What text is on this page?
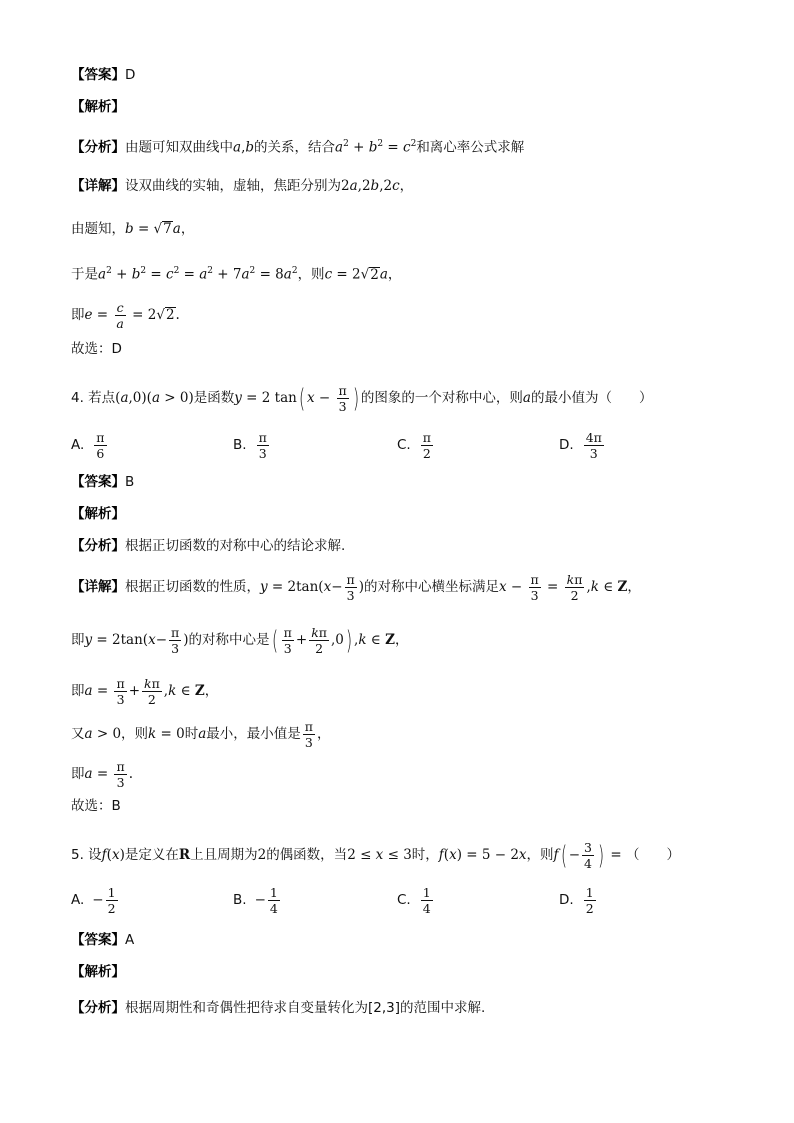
【答案】D
【解析】
【分析】由题可知双曲线中a,b的关系，结合$a^2 + b^2 = c^2$和离心率公式求解
【详解】设双曲线的实轴，虚轴，焦距分别为2a,2b,2c，
由题知，b = √7a，
于是$a^2 + b^2 = c^2 = a^2 + 7a^2 = 8a^2$，则c = 2√2a，
即$e = \frac{c}{a} = 2√2$.
故选：D
4. 若点(a,0)(a > 0)是函数y = 2 tan( $x - \frac{\pi}{3}$ ) 的图象的一个对称中心，则a的最小值为（　　）
A. $\frac{\pi}{6}$	B. $\frac{\pi}{3}$	C. $\frac{\pi}{2}$	D. $\frac{4\pi}{3}$
【答案】B
【解析】
【分析】根据正切函数的对称中心的结论求解.
【详解】根据正切函数的性质，$y = 2\tan(x- \frac{\pi}{3}$ )的对称中心横坐标满足$x - \frac{\pi}{3} = \frac{k\pi}{2} ,k$ ∈ Z，
即$y = 2\tan(x- \frac{\pi}{3}$ )的对称中心是( $\frac{\pi}{3} + \frac{k\pi}{2} ,0$) ,k ∈ Z，
即$a = \frac{\pi}{3} + \frac{k\pi}{2} ,k$ ∈ Z，
又a > 0，则k = 0时a最小，最小值是 $\frac{\pi}{3}$ ，
即$a = \frac{\pi}{3}$ .
故选：B
5. 设f(x)是定义在R上且周期为2的偶函数，当2 ≤ x ≤ 3时，f(x) = 5 − 2x，则$f( - \frac{3}{4}$ ) = （　　）
A. − $\frac{1}{2}$	B. − $\frac{1}{4}$	C. $\frac{1}{4}$	D. $\frac{1}{2}$
【答案】A
【解析】
【分析】根据周期性和奇偶性把待求自变量转化为[2,3]的范围中求解.
